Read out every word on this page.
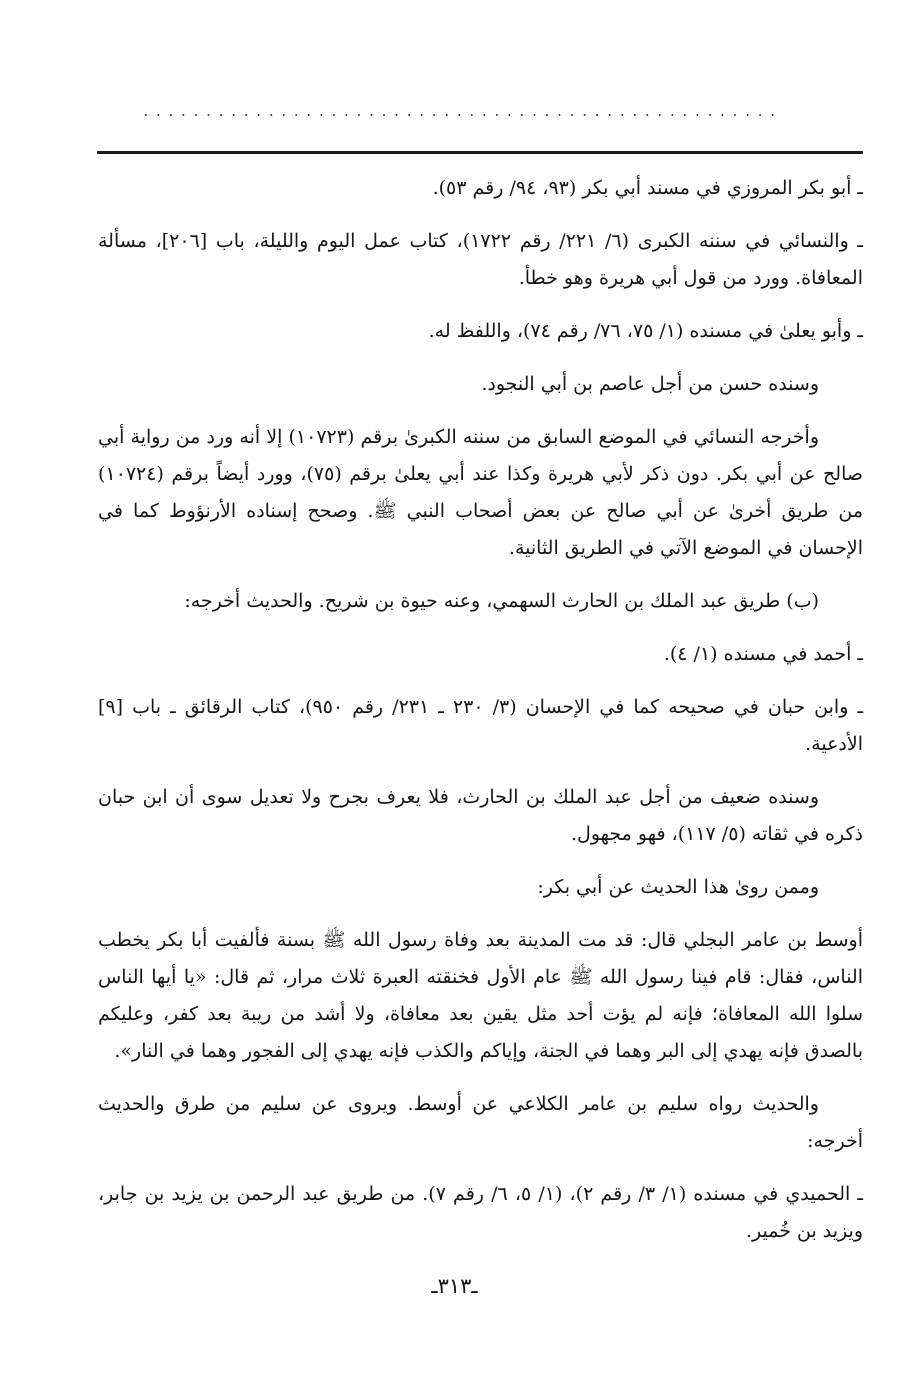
. . . . . . . . . . . . . . . . . . . . . . . . . . . . . . . . . . . . . . . . . . . . . . . . . . .

ـ أبو بكر المروزي في مسند أبي بكر (٩٣، ٩٤/ رقم ٥٣).

ـ والنسائي في سننه الكبرى (٦/ ٢٢١/ رقم ١٧٢٢)، كتاب عمل اليوم والليلة، باب [٢٠٦]، مسألة المعافاة. وورد من قول أبي هريرة وهو خطأ.

ـ وأبو يعلىٰ في مسنده (١/ ٧٥، ٧٦/ رقم ٧٤)، واللفظ له.

وسنده حسن من أجل عاصم بن أبي النجود.

وأخرجه النسائي في الموضع السابق من سننه الكبرىٰ برقم (١٠٧٢٣) إلا أنه ورد من رواية أبي صالح عن أبي بكر. دون ذكر لأبي هريرة وكذا عند أبي يعلىٰ برقم (٧٥)، وورد أيضاً برقم (١٠٧٢٤) من طريق أخرىٰ عن أبي صالح عن بعض أصحاب النبي ﷺ. وصحح إسناده الأرنؤوط كما في الإحسان في الموضع الآتي في الطريق الثانية.

(ب) طريق عبد الملك بن الحارث السهمي، وعنه حيوة بن شريح. والحديث أخرجه:

ـ أحمد في مسنده (١/ ٤).

ـ وابن حبان في صحيحه كما في الإحسان (٣/ ٢٣٠ ـ ٢٣١/ رقم ٩٥٠)، كتاب الرقائق ـ باب [٩] الأدعية.

وسنده ضعيف من أجل عبد الملك بن الحارث، فلا يعرف بجرح ولا تعديل سوى أن ابن حبان ذكره في ثقاته (٥/ ١١٧)، فهو مجهول.

وممن روىٰ هذا الحديث عن أبي بكر:

أوسط بن عامر البجلي قال: قد مت المدينة بعد وفاة رسول الله ﷺ بسنة فألفيت أبا بكر يخطب الناس، فقال: قام فينا رسول الله ﷺ عام الأول فخنقته العبرة ثلاث مرار، ثم قال: «يا أيها الناس سلوا الله المعافاة؛ فإنه لم يؤت أحد مثل يقين بعد معافاة، ولا أشد من ريبة بعد كفر، وعليكم بالصدق فإنه يهدي إلى البر وهما في الجنة، وإياكم والكذب فإنه يهدي إلى الفجور وهما في النار».

والحديث رواه سليم بن عامر الكلاعي عن أوسط. ويروى عن سليم من طرق والحديث أخرجه:

ـ الحميدي في مسنده (١/ ٣/ رقم ٢)، (١/ ٥، ٦/ رقم ٧). من طريق عبد الرحمن بن يزيد بن جابر، ويزيد بن خُمير.

ـ٣١٣ـ
